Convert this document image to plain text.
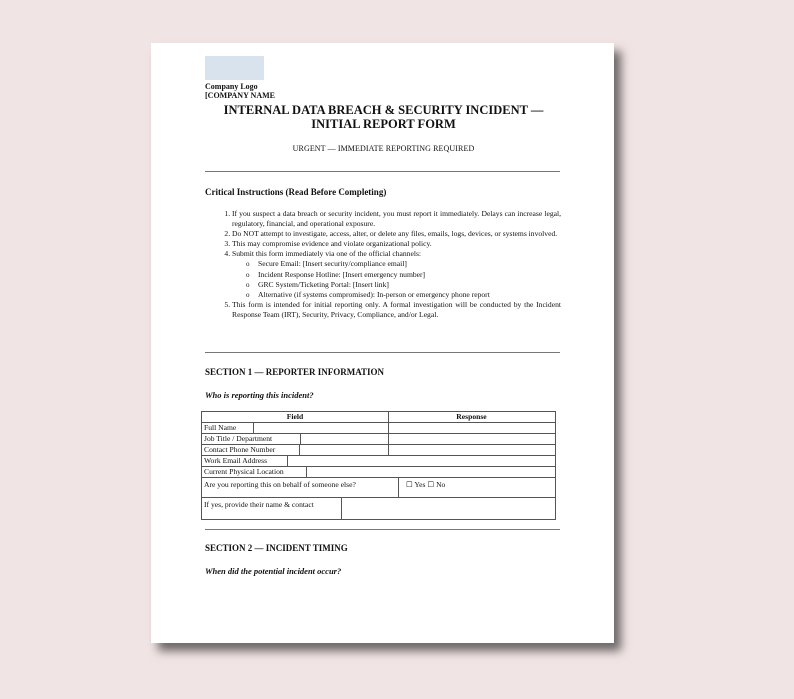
Company Logo
[COMPANY NAME
INTERNAL DATA BREACH & SECURITY INCIDENT —
INITIAL REPORT FORM
URGENT — IMMEDIATE REPORTING REQUIRED
Critical Instructions (Read Before Completing)
1. If you suspect a data breach or security incident, you must report it immediately. Delays can increase legal, regulatory, financial, and operational exposure.
2. Do NOT attempt to investigate, access, alter, or delete any files, emails, logs, devices, or systems involved.
3. This may compromise evidence and violate organizational policy.
4. Submit this form immediately via one of the official channels:
o Secure Email: [Insert security/compliance email]
o Incident Response Hotline: [Insert emergency number]
o GRC System/Ticketing Portal: [Insert link]
o Alternative (if systems compromised): In-person or emergency phone report
5. This form is intended for initial reporting only. A formal investigation will be conducted by the Incident Response Team (IRT), Security, Privacy, Compliance, and/or Legal.
SECTION 1 — REPORTER INFORMATION
Who is reporting this incident?
Field	Response
Full Name
Job Title / Department
Contact Phone Number
Work Email Address
Current Physical Location
Are you reporting this on behalf of someone else?	☐ Yes ☐ No
If yes, provide their name & contact
SECTION 2 — INCIDENT TIMING
When did the potential incident occur?
